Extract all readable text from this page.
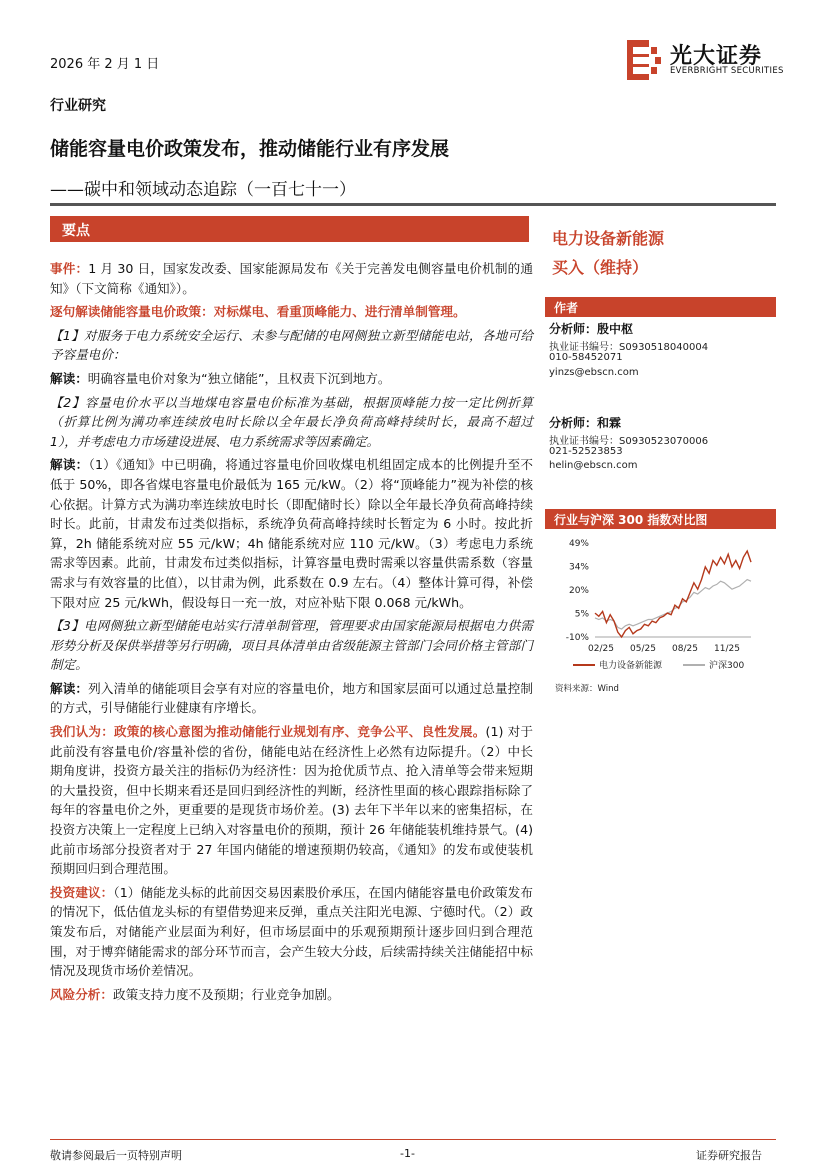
2026 年 2 月 1 日	光大证券
EVERBRIGHT SECURITIES
行业研究
储能容量电价政策发布，推动储能行业有序发展
——碳中和领域动态追踪（一百七十一）
要点

事件：1 月 30 日，国家发改委、国家能源局发布《关于完善发电侧容量电价机制的通知》（下文简称《通知》）。

逐句解读储能容量电价政策：对标煤电、看重顶峰能力、进行清单制管理。

【1】对服务于电力系统安全运行、未参与配储的电网侧独立新型储能电站，各地可给予容量电价：

解读：明确容量电价对象为“独立储能”，且权责下沉到地方。

【2】容量电价水平以当地煤电容量电价标准为基础，根据顶峰能力按一定比例折算（折算比例为满功率连续放电时长除以全年最长净负荷高峰持续时长，最高不超过 1），并考虑电力市场建设进展、电力系统需求等因素确定。

解读：（1）《通知》中已明确，将通过容量电价回收煤电机组固定成本的比例提升至不低于 50%，即各省煤电容量电价最低为 165 元/kW。（2）将“顶峰能力”视为补偿的核心依据。计算方式为满功率连续放电时长（即配储时长）除以全年最长净负荷高峰持续时长。此前，甘肃发布过类似指标，系统净负荷高峰持续时长暂定为 6 小时。按此折算，2h 储能系统对应 55 元/kW；4h 储能系统对应 110 元/kW。（3）考虑电力系统需求等因素。此前，甘肃发布过类似指标，计算容量电费时需乘以容量供需系数（容量需求与有效容量的比值），以甘肃为例，此系数在 0.9 左右。（4）整体计算可得，补偿下限对应 25 元/kWh，假设每日一充一放，对应补贴下限 0.068 元/kWh。

【3】电网侧独立新型储能电站实行清单制管理，管理要求由国家能源局根据电力供需形势分析及保供举措等另行明确，项目具体清单由省级能源主管部门会同价格主管部门制定。

解读：列入清单的储能项目会享有对应的容量电价，地方和国家层面可以通过总量控制的方式，引导储能行业健康有序增长。

我们认为：政策的核心意图为推动储能行业规划有序、竞争公平、良性发展。(1) 对于此前没有容量电价/容量补偿的省份，储能电站在经济性上必然有边际提升。（2）中长期角度讲，投资方最关注的指标仍为经济性：因为抢优质节点、抢入清单等会带来短期的大量投资，但中长期来看还是回归到经济性的判断，经济性里面的核心跟踪指标除了每年的容量电价之外，更重要的是现货市场价差。(3) 去年下半年以来的密集招标，在投资方决策上一定程度上已纳入对容量电价的预期，预计 26 年储能装机维持景气。(4) 此前市场部分投资者对于 27 年国内储能的增速预期仍较高，《通知》的发布或使装机预期回归到合理范围。

投资建议：（1）储能龙头标的此前因交易因素股价承压，在国内储能容量电价政策发布的情况下，低估值龙头标的有望借势迎来反弹，重点关注阳光电源、宁德时代。（2）政策发布后，对储能产业层面为利好，但市场层面中的乐观预期预计逐步回归到合理范围，对于博弈储能需求的部分环节而言，会产生较大分歧，后续需持续关注储能招中标情况及现货市场价差情况。

风险分析：政策支持力度不及预期；行业竞争加剧。

电力设备新能源
买入（维持）
作者
分析师：殷中枢
执业证书编号：S0930518040004
010-58452071
yinzs@ebscn.com
分析师：和霖
执业证书编号：S0930523070006
021-52523853
helin@ebscn.com
行业与沪深 300 指数对比图
49%
34%
20%
5%
-10%
02/25 05/25 08/25 11/25
电力设备新能源	沪深300
资料来源：Wind
敬请参阅最后一页特别声明	-1-	证券研究报告
